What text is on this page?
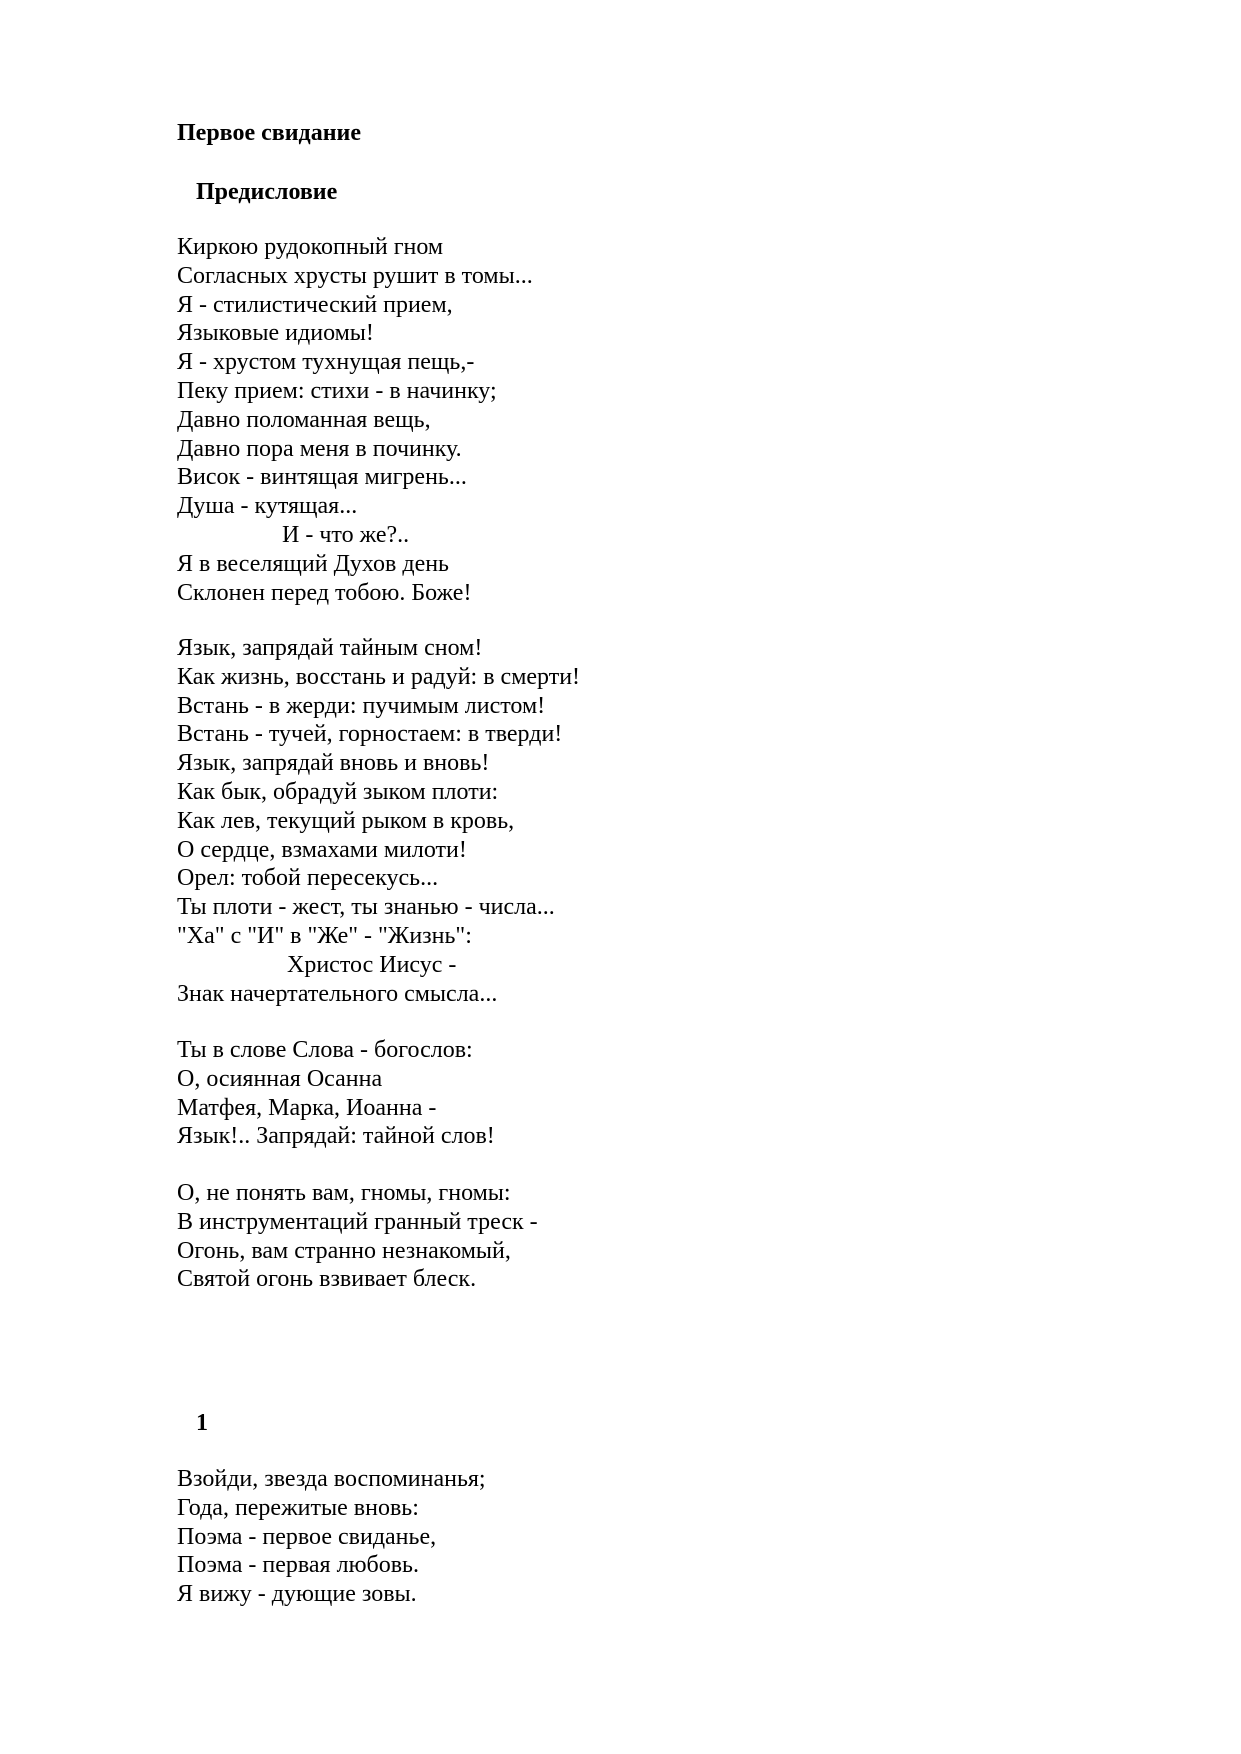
Первое свидание
Предисловие
Киркою рудокопный гном
Согласных хрусты рушит в томы...
Я - стилистический прием,
Языковые идиомы!
Я - хрустом тухнущая пещь,-
Пеку прием: стихи - в начинку;
Давно поломанная вещь,
Давно пора меня в починку.
Висок - винтящая мигрень...
Душа - кутящая...
И - что же?..
Я в веселящий Духов день
Склонен перед тобою. Боже!
Язык, запрядай тайным сном!
Как жизнь, восстань и радуй: в смерти!
Встань - в жерди: пучимым листом!
Встань - тучей, горностаем: в тверди!
Язык, запрядай вновь и вновь!
Как бык, обрадуй зыком плоти:
Как лев, текущий рыком в кровь,
О сердце, взмахами милоти!
Орел: тобой пересекусь...
Ты плоти - жест, ты знанью - числа...
"Ха" с "И" в "Же" - "Жизнь":
Христос Иисус -
Знак начертательного смысла...
Ты в слове Слова - богослов:
О, осиянная Осанна
Матфея, Марка, Иоанна -
Язык!.. Запрядай: тайной слов!
О, не понять вам, гномы, гномы:
В инструментаций гранный треск -
Огонь, вам странно незнакомый,
Святой огонь взвивает блеск.
1
Взойди, звезда воспоминанья;
Года, пережитые вновь:
Поэма - первое свиданье,
Поэма - первая любовь.
Я вижу - дующие зовы.
